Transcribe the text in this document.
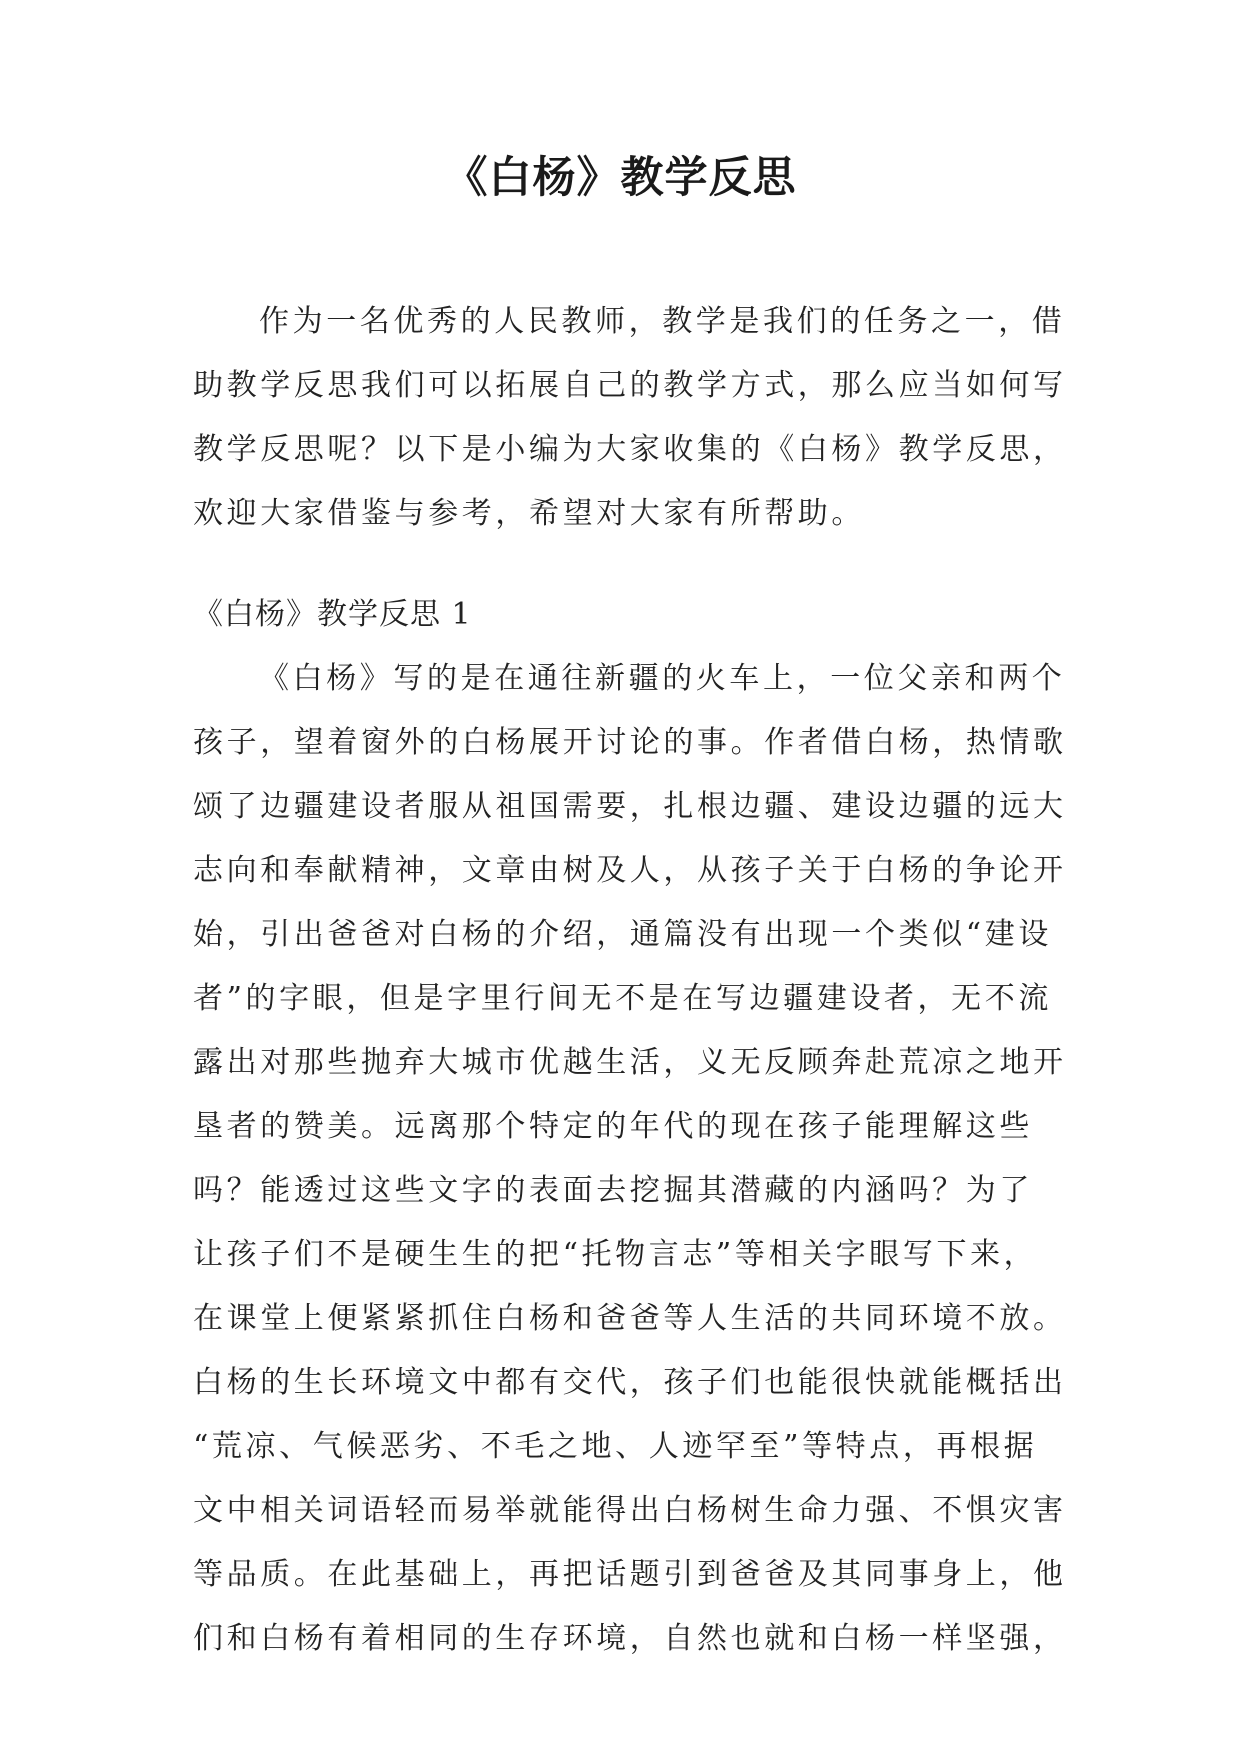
《白杨》教学反思
作为一名优秀的人民教师，教学是我们的任务之一，借
助教学反思我们可以拓展自己的教学方式，那么应当如何写
教学反思呢？以下是小编为大家收集的《白杨》教学反思，
欢迎大家借鉴与参考，希望对大家有所帮助。
《白杨》教学反思 1
《白杨》写的是在通往新疆的火车上，一位父亲和两个
孩子，望着窗外的白杨展开讨论的事。作者借白杨，热情歌
颂了边疆建设者服从祖国需要，扎根边疆、建设边疆的远大
志向和奉献精神，文章由树及人，从孩子关于白杨的争论开
始，引出爸爸对白杨的介绍，通篇没有出现一个类似“建设
者”的字眼，但是字里行间无不是在写边疆建设者，无不流
露出对那些抛弃大城市优越生活，义无反顾奔赴荒凉之地开
垦者的赞美。远离那个特定的年代的现在孩子能理解这些
吗？能透过这些文字的表面去挖掘其潜藏的内涵吗？为了
让孩子们不是硬生生的把“托物言志”等相关字眼写下来，
在课堂上便紧紧抓住白杨和爸爸等人生活的共同环境不放。
白杨的生长环境文中都有交代，孩子们也能很快就能概括出
“荒凉、气候恶劣、不毛之地、人迹罕至”等特点，再根据
文中相关词语轻而易举就能得出白杨树生命力强、不惧灾害
等品质。在此基础上，再把话题引到爸爸及其同事身上，他
们和白杨有着相同的生存环境，自然也就和白杨一样坚强，
